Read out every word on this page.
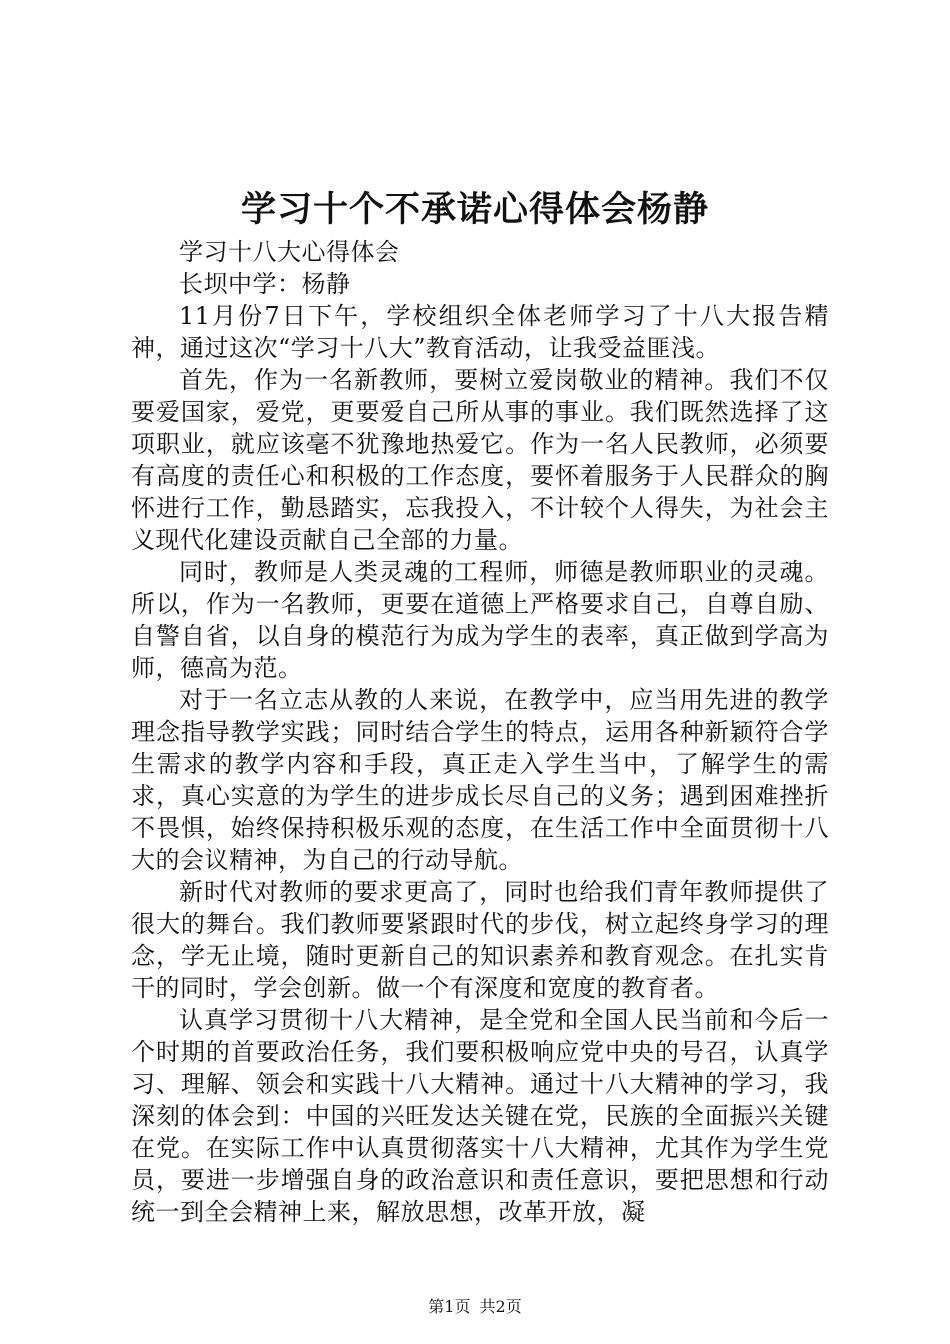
学习十个不承诺心得体会杨静

学习十八大心得体会

长坝中学：杨静

11月份7日下午，学校组织全体老师学习了十八大报告精神，通过这次“学习十八大”教育活动，让我受益匪浅。

首先，作为一名新教师，要树立爱岗敬业的精神。我们不仅要爱国家，爱党，更要爱自己所从事的事业。我们既然选择了这项职业，就应该毫不犹豫地热爱它。作为一名人民教师，必须要有高度的责任心和积极的工作态度，要怀着服务于人民群众的胸怀进行工作，勤恳踏实，忘我投入，不计较个人得失，为社会主义现代化建设贡献自己全部的力量。

同时，教师是人类灵魂的工程师，师德是教师职业的灵魂。所以，作为一名教师，更要在道德上严格要求自己，自尊自励、自警自省，以自身的模范行为成为学生的表率，真正做到学高为师，德高为范。

对于一名立志从教的人来说，在教学中，应当用先进的教学理念指导教学实践；同时结合学生的特点，运用各种新颖符合学生需求的教学内容和手段，真正走入学生当中，了解学生的需求，真心实意的为学生的进步成长尽自己的义务；遇到困难挫折不畏惧，始终保持积极乐观的态度，在生活工作中全面贯彻十八大的会议精神，为自己的行动导航。

新时代对教师的要求更高了，同时也给我们青年教师提供了很大的舞台。我们教师要紧跟时代的步伐，树立起终身学习的理念，学无止境，随时更新自己的知识素养和教育观念。在扎实肯干的同时，学会创新。做一个有深度和宽度的教育者。

认真学习贯彻十八大精神，是全党和全国人民当前和今后一个时期的首要政治任务，我们要积极响应党中央的号召，认真学习、理解、领会和实践十八大精神。通过十八大精神的学习，我深刻的体会到：中国的兴旺发达关键在党，民族的全面振兴关键在党。在实际工作中认真贯彻落实十八大精神，尤其作为学生党员，要进一步增强自身的政治意识和责任意识，要把思想和行动统一到全会精神上来，解放思想，改革开放，凝

第1页 共2页
